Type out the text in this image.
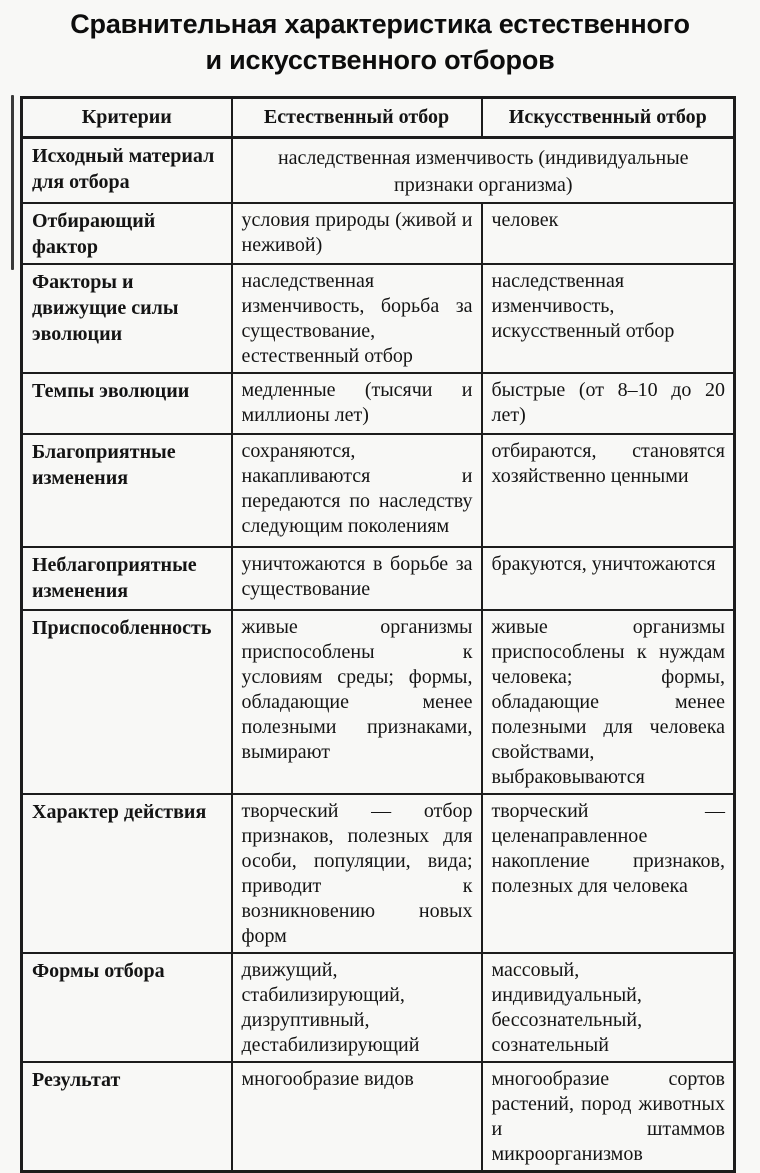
Сравнительная характеристика естественного
и искусственного отборов
Критерии	Естественный отбор	Искусственный отбор
Исходный материал для отбора	наследственная изменчивость (индивидуальные признаки организма)	
Отбирающий фактор	условия природы (живой и неживой)	человек
Факторы и движущие силы эволюции	наследственная изменчивость, борьба за существование, естественный отбор	наследственная изменчивость, искусственный отбор
Темпы эволюции	медленные (тысячи и миллионы лет)	быстрые (от 8–10 до 20 лет)
Благоприятные изменения	сохраняются, накапливаются и передаются по наследству следующим поколениям	отбираются, становятся хозяйственно ценными
Неблагоприятные изменения	уничтожаются в борьбе за существование	бракуются, уничтожаются
Приспособленность	живые организмы приспособлены к условиям среды; формы, обладающие менее полезными признаками, вымирают	живые организмы приспособлены к нуждам человека; формы, обладающие менее полезными для человека свойствами, выбраковываются
Характер действия	творческий — отбор признаков, полезных для особи, популяции, вида; приводит к возникновению новых форм	творческий — целенаправленное накопление признаков, полезных для человека
Формы отбора	движущий, стабилизирующий, дизруптивный, дестабилизирующий	массовый, индивидуальный, бессознательный, сознательный
Результат	многообразие видов	многообразие сортов растений, пород животных и штаммов микроорганизмов
